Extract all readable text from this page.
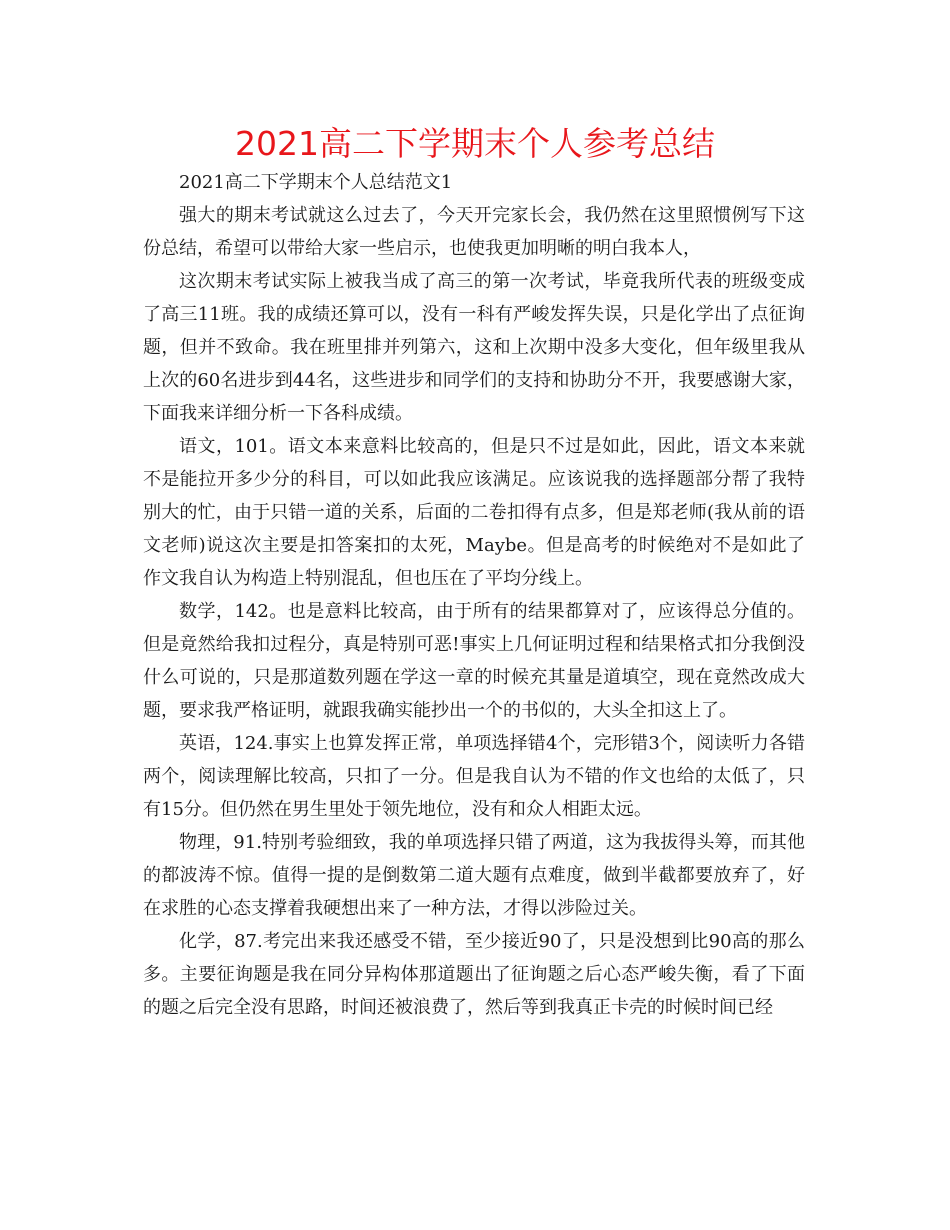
2021高二下学期末个人参考总结

2021高二下学期末个人总结范文1

强大的期末考试就这么过去了，今天开完家长会，我仍然在这里照惯例写下这份总结，希望可以带给大家一些启示，也使我更加明晰的明白我本人，

这次期末考试实际上被我当成了高三的第一次考试，毕竟我所代表的班级变成了高三11班。我的成绩还算可以，没有一科有严峻发挥失误，只是化学出了点征询题，但并不致命。我在班里排并列第六，这和上次期中没多大变化，但年级里我从上次的60名进步到44名，这些进步和同学们的支持和协助分不开，我要感谢大家，下面我来详细分析一下各科成绩。

语文，101。语文本来意料比较高的，但是只不过是如此，因此，语文本来就不是能拉开多少分的科目，可以如此我应该满足。应该说我的选择题部分帮了我特别大的忙，由于只错一道的关系，后面的二卷扣得有点多，但是郑老师(我从前的语文老师)说这次主要是扣答案扣的太死，Maybe。但是高考的时候绝对不是如此了作文我自认为构造上特别混乱，但也压在了平均分线上。

数学，142。也是意料比较高，由于所有的结果都算对了，应该得总分值的。但是竟然给我扣过程分，真是特别可恶!事实上几何证明过程和结果格式扣分我倒没什么可说的，只是那道数列题在学这一章的时候充其量是道填空，现在竟然改成大题，要求我严格证明，就跟我确实能抄出一个的书似的，大头全扣这上了。

英语，124.事实上也算发挥正常，单项选择错4个，完形错3个，阅读听力各错两个，阅读理解比较高，只扣了一分。但是我自认为不错的作文也给的太低了，只有15分。但仍然在男生里处于领先地位，没有和众人相距太远。

物理，91.特别考验细致，我的单项选择只错了两道，这为我拔得头筹，而其他的都波涛不惊。值得一提的是倒数第二道大题有点难度，做到半截都要放弃了，好在求胜的心态支撑着我硬想出来了一种方法，才得以涉险过关。

化学，87.考完出来我还感受不错，至少接近90了，只是没想到比90高的那么多。主要征询题是我在同分异构体那道题出了征询题之后心态严峻失衡，看了下面的题之后完全没有思路，时间还被浪费了，然后等到我真正卡壳的时候时间已经
